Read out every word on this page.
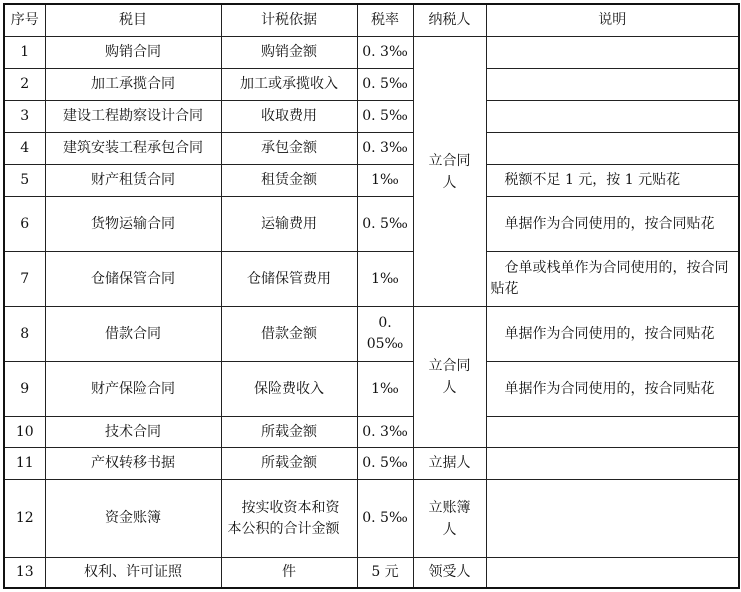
序号	税目	计税依据	税率	纳税人	说明
1	购销合同	购销金额	0. 3‰	立合同人	
2	加工承揽合同	加工或承揽收入	0. 5‰		
3	建设工程勘察设计合同	收取费用	0. 5‰		
4	建筑安装工程承包合同	承包金额	0. 3‰		
5	财产租赁合同	租赁金额	1‰		税额不足 1 元，按 1 元贴花
6	货物运输合同	运输费用	0. 5‰		单据作为合同使用的，按合同贴花
7	仓储保管合同	仓储保管费用	1‰		仓单或栈单作为合同使用的，按合同贴花
8	借款合同	借款金额	0. 05‰	立合同人	单据作为合同使用的，按合同贴花
9	财产保险合同	保险费收入	1‰		单据作为合同使用的，按合同贴花
10	技术合同	所载金额	0. 3‰		
11	产权转移书据	所载金额	0. 5‰	立据人	
12	资金账簿	按实收资本和资本公积的合计金额	0. 5‰	立账簿人	
13	权利、许可证照	件	5 元	领受人	
